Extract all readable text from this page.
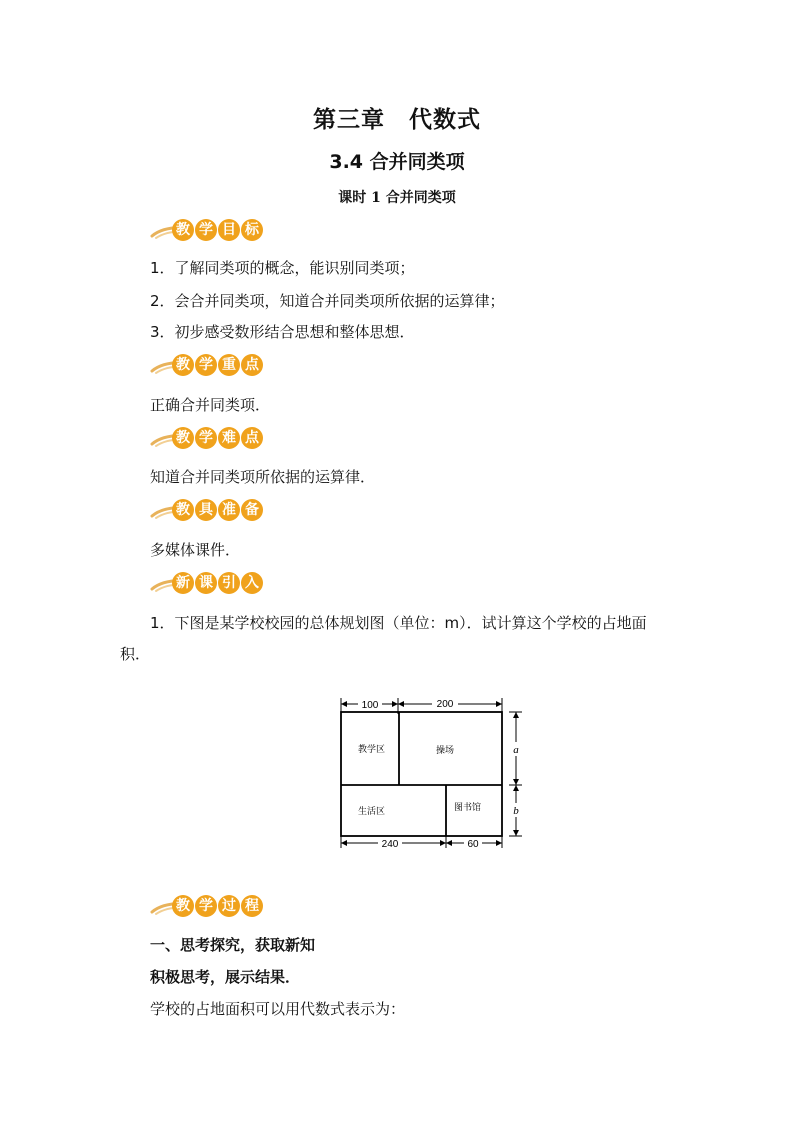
第三章　代数式
3.4 合并同类项
课时 1 合并同类项
教 学 目 标
1．了解同类项的概念，能识别同类项；
2．会合并同类项，知道合并同类项所依据的运算律；
3．初步感受数形结合思想和整体思想．
教 学 重 点
正确合并同类项．
教 学 难 点
知道合并同类项所依据的运算律．
教 具 准 备
多媒体课件．
新 课 引 入
1．下图是某学校校园的总体规划图（单位：m）．试计算这个学校的占地面
积．
100	200
教学区	操场
生活区	图书馆
a
b
240	60
教 学 过 程
一、思考探究，获取新知
积极思考，展示结果．
学校的占地面积可以用代数式表示为：
